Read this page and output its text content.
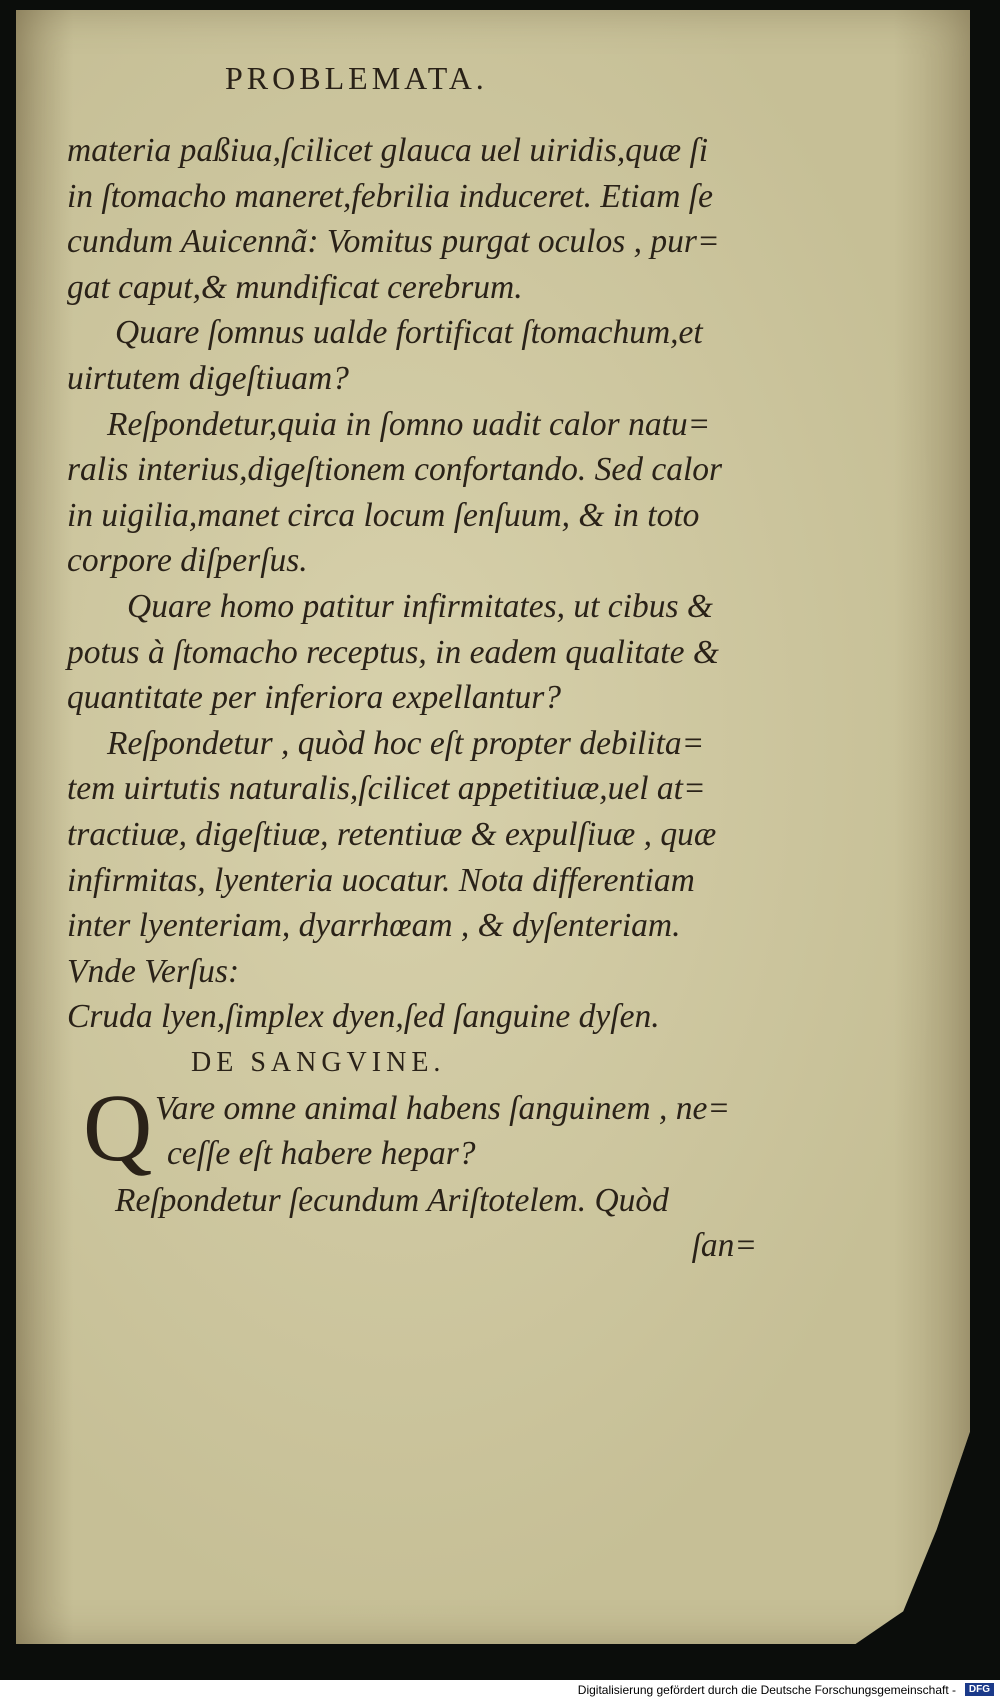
PROBLEMATA.
materia paßiua,ſcilicet glauca uel uiridis,quæ ſi
in ſtomacho maneret,febrilia induceret. Etiam ſe
cundum Auicennã: Vomitus purgat oculos , pur=
gat caput,& mundificat cerebrum.
Quare ſomnus ualde fortificat ſtomachum,et
uirtutem digeſtiuam?
Reſpondetur,quia in ſomno uadit calor natu=
ralis interius,digeſtionem confortando. Sed calor
in uigilia,manet circa locum ſenſuum, & in toto
corpore diſperſus.
Quare homo patitur infirmitates, ut cibus &
potus à ſtomacho receptus, in eadem qualitate &
quantitate per inferiora expellantur?
Reſpondetur , quòd hoc eſt propter debilita=
tem uirtutis naturalis,ſcilicet appetitiuæ,uel at=
tractiuæ, digeſtiuæ, retentiuæ & expulſiuæ , quæ
infirmitas, lyenteria uocatur. Nota differentiam
inter lyenteriam, dyarrhœam , & dyſenteriam.
Vnde Verſus:
Cruda lyen,ſimplex dyen,ſed ſanguine dyſen.
DE SANGVINE.
Q Vare omne animal habens ſanguinem , ne=
ceſſe eſt habere hepar?
Reſpondetur ſecundum Ariſtotelem. Quòd
ſan=
Digitalisierung gefördert durch die Deutsche Forschungsgemeinschaft -	DFG
